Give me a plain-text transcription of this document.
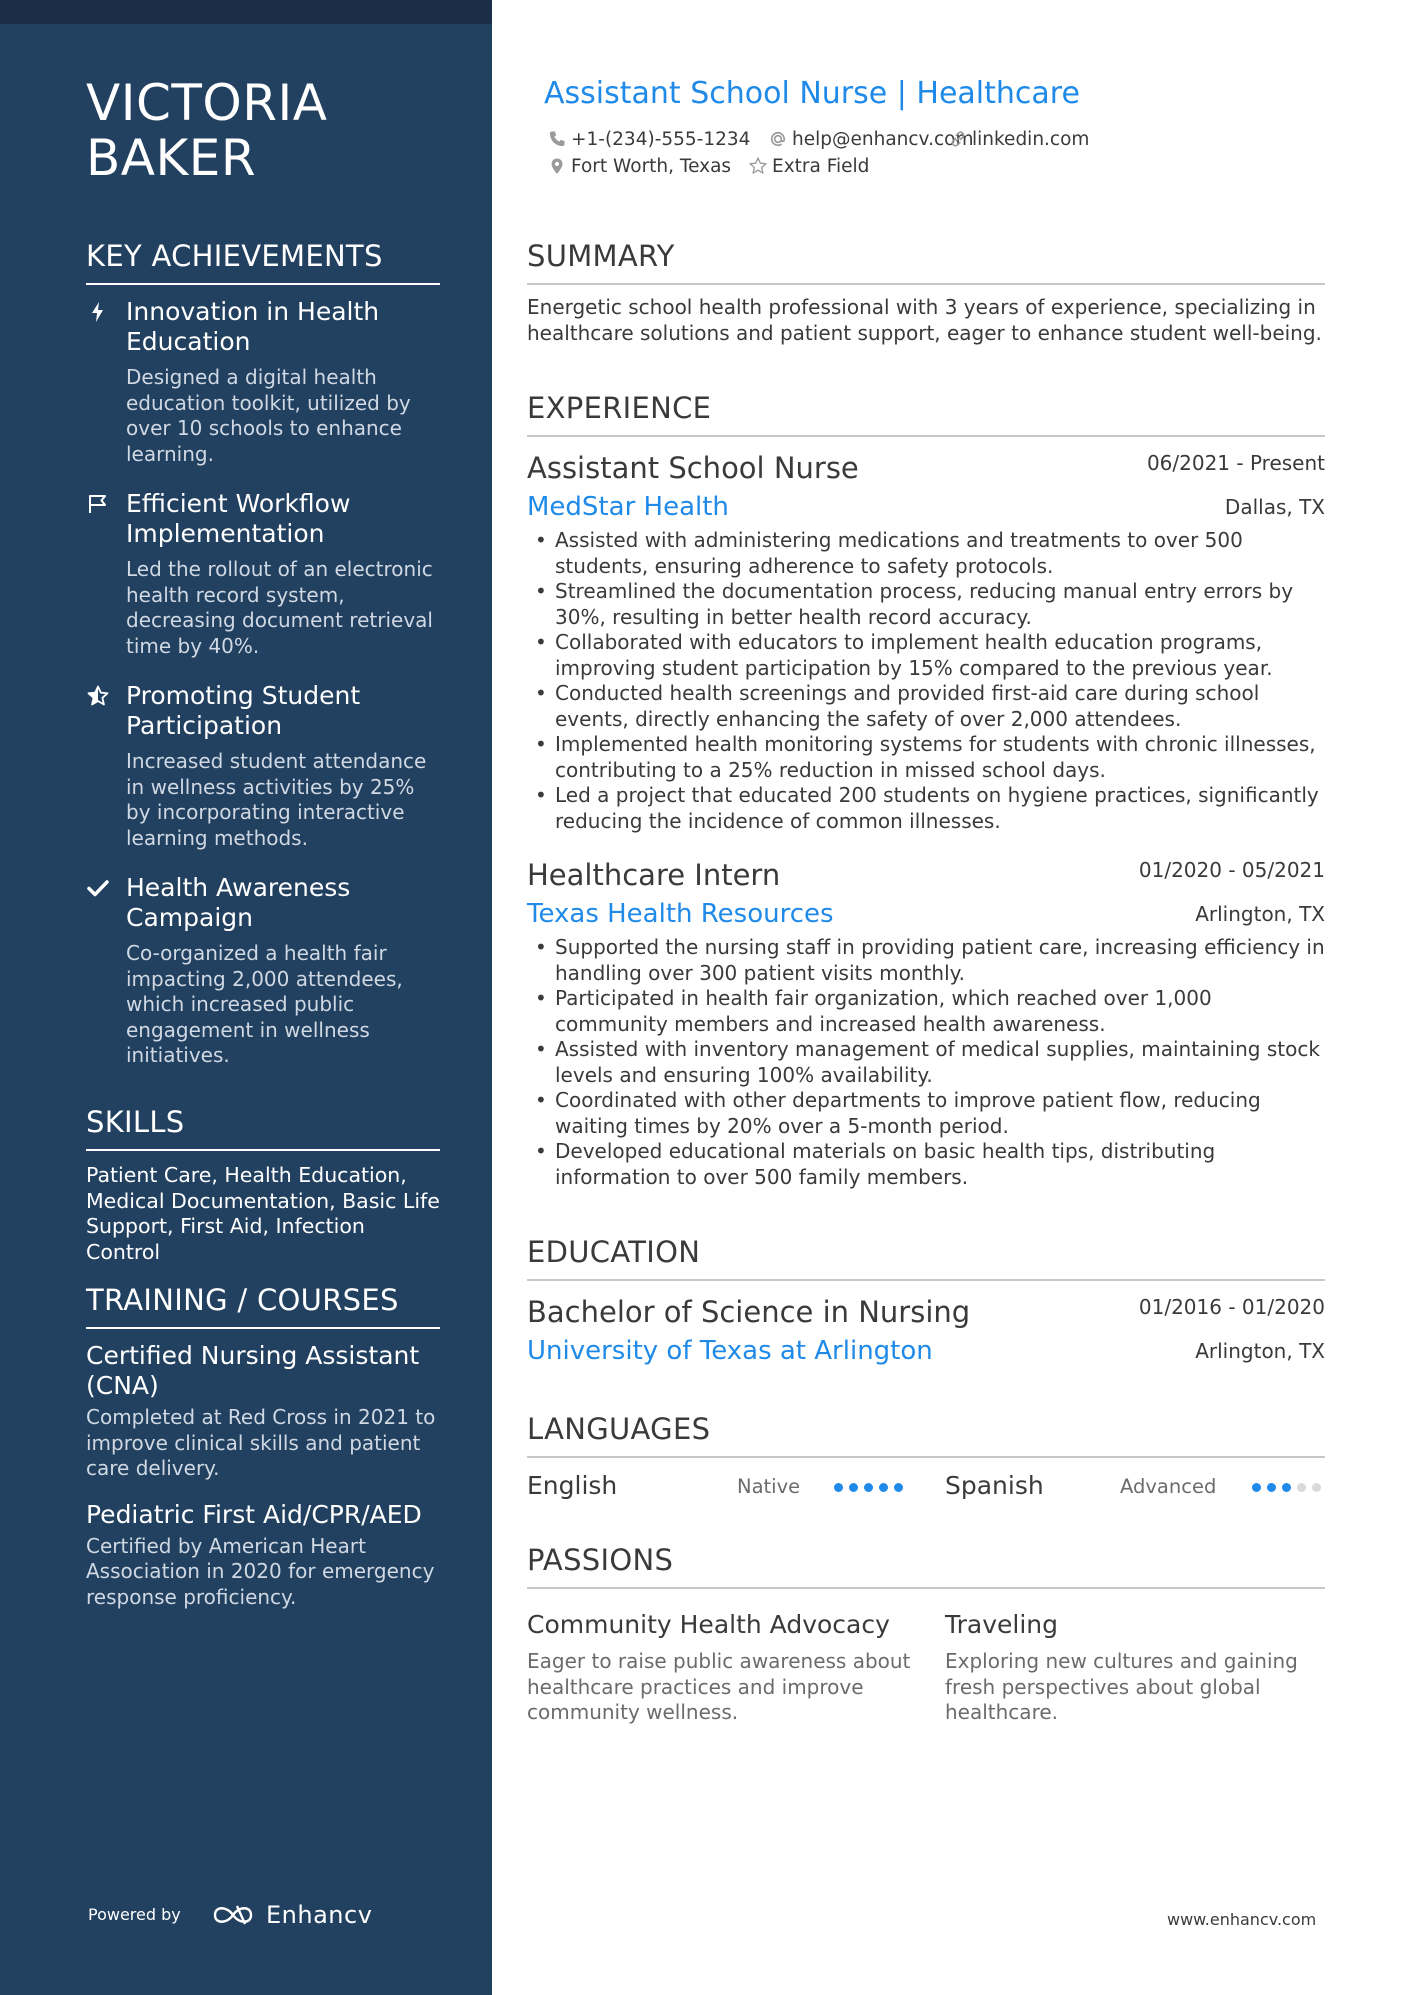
VICTORIA BAKER
KEY ACHIEVEMENTS
Innovation in Health Education
Designed a digital health education toolkit, utilized by over 10 schools to enhance learning.
Efficient Workflow Implementation
Led the rollout of an electronic health record system, decreasing document retrieval time by 40%.
Promoting Student Participation
Increased student attendance in wellness activities by 25% by incorporating interactive learning methods.
Health Awareness Campaign
Co-organized a health fair impacting 2,000 attendees, which increased public engagement in wellness initiatives.
SKILLS
Patient Care, Health Education, Medical Documentation, Basic Life Support, First Aid, Infection Control
TRAINING / COURSES
Certified Nursing Assistant (CNA)
Completed at Red Cross in 2021 to improve clinical skills and patient care delivery.
Pediatric First Aid/CPR/AED
Certified by American Heart Association in 2020 for emergency response proficiency.
Powered by	Enhancv
Assistant School Nurse | Healthcare
+1-(234)-555-1234	help@enhancv.com
linkedin.com
Fort Worth, Texas	Extra Field
SUMMARY
Energetic school health professional with 3 years of experience, specializing in healthcare solutions and patient support, eager to enhance student well-being.
EXPERIENCE
Assistant School Nurse	06/2021 - Present
MedStar Health	Dallas, TX
• Assisted with administering medications and treatments to over 500 students, ensuring adherence to safety protocols.
• Streamlined the documentation process, reducing manual entry errors by 30%, resulting in better health record accuracy.
• Collaborated with educators to implement health education programs, improving student participation by 15% compared to the previous year.
• Conducted health screenings and provided first-aid care during school events, directly enhancing the safety of over 2,000 attendees.
• Implemented health monitoring systems for students with chronic illnesses, contributing to a 25% reduction in missed school days.
• Led a project that educated 200 students on hygiene practices, significantly reducing the incidence of common illnesses.
Healthcare Intern	01/2020 - 05/2021
Texas Health Resources	Arlington, TX
• Supported the nursing staff in providing patient care, increasing efficiency in handling over 300 patient visits monthly.
• Participated in health fair organization, which reached over 1,000 community members and increased health awareness.
• Assisted with inventory management of medical supplies, maintaining stock levels and ensuring 100% availability.
• Coordinated with other departments to improve patient flow, reducing waiting times by 20% over a 5-month period.
• Developed educational materials on basic health tips, distributing information to over 500 family members.
EDUCATION
Bachelor of Science in Nursing	01/2016 - 01/2020
University of Texas at Arlington	Arlington, TX
LANGUAGES
English	Native	Spanish	Advanced
PASSIONS
Community Health Advocacy
Eager to raise public awareness about healthcare practices and improve community wellness.
Traveling
Exploring new cultures and gaining fresh perspectives about global healthcare.
www.enhancv.com
